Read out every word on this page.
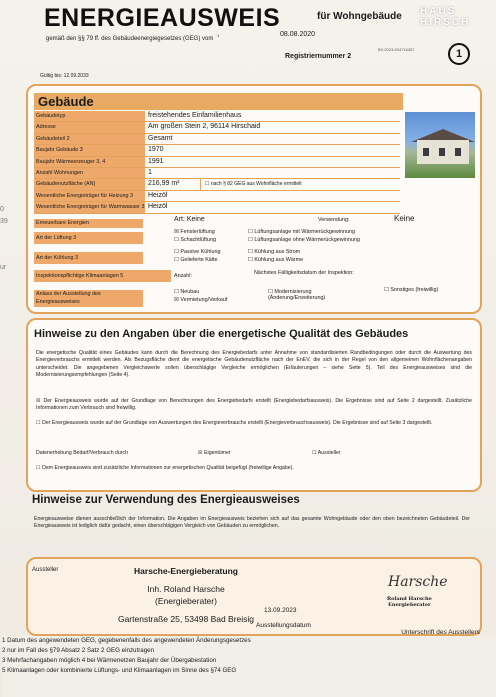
ENERGIEAUSWEIS	für Wohngebäude HAUS HIRSCH
gemäß den §§ 79 ff. des Gebäudeenergiegesetzes (GEG) vom $^1$	08.08.2020
Registriernummer 2
BY-2023-004716357	1
Gültig bis: 12.09.2033
Gebäude
Gebäudetyp	freistehendes Einfamilienhaus
Adresse	Am großen Stein 2, 96114 Hirschaid
Gebäudeteil 2	Gesamt
Baujahr Gebäude 3	1970
Baujahr Wärmeerzeuger 3, 4	1991
Anzahl Wohnungen	1
Gebäudenutzfläche (AN)	216,99 m²	☐ nach § 82 GEG aus Wohnfläche ermittelt
Wesentliche Energieträger für Heizung 3	Heizöl
Wesentliche Energieträger für Warmwasser 3 Heizöl
Erneuerbare Energien	Art: Keine	Verwendung:	Keine
Art der Lüftung 3
☒ Fensterlüftung
☐ Schachtlüftung
☐ Lüftungsanlage mit Wärmerückgewinnung
☐ Lüftungsanlage ohne Wärmerückgewinnung
Art der Kühlung 3
☐ Passive Kühlung
☐ Gelieferte Kälte
☐ Kühlung aus Strom
☐ Kühlung aus Wärme
Inspektionspflichtige Klimaanlagen 5	Anzahl:	Nächstes Fälligkeitsdatum der Inspektion:
Anlass der Ausstellung des Energieausweises
☐ Neubau
☒ Vermietung/Verkauf
☐ Modernisierung (Änderung/Erweiterung)
☐ Sonstiges (freiwillig)
Hinweise zu den Angaben über die energetische Qualität des Gebäudes
Die energetische Qualität eines Gebäudes kann durch die Berechnung des Energiebedarfs unter Annahme von standardisierten Randbedingungen oder durch die Auswertung des Energieverbrauchs ermittelt werden. Als Bezugsfläche dient die energetische Gebäudenutzfläche nach der EnEV, die sich in der Regel von den allgemeinen Wohnflächenangaben unterscheidet. Die angegebenen Vergleichswerte sollen überschlägige Vergleiche ermöglichen (Erläuterungen – siehe Seite 5). Teil des Energieausweises sind die Modernisierungsempfehlungen (Seite 4).
☒ Der Energieausweis wurde auf der Grundlage von Berechnungen des Energiebedarfs erstellt (Energiebedarfsausweis). Die Ergebnisse sind auf Seite 2 dargestellt. Zusätzliche Informationen zum Verbrauch sind freiwillig.
☐ Der Energieausweis wurde auf der Grundlage von Auswertungen des Energieverbrauchs erstellt (Energieverbrauchsausweis). Die Ergebnisse sind auf Seite 3 dargestellt.
Datenerhebung Bedarf/Verbrauch durch	☒ Eigentümer	☐ Aussteller
☐ Dem Energieausweis sind zusätzliche Informationen zur energetischen Qualität beigefügt (freiwillige Angabe).
Hinweise zur Verwendung des Energieausweises
Energieausweise dienen ausschließlich der Information. Die Angaben im Energieausweis beziehen sich auf das gesamte Wohngebäude oder den oben bezeichneten Gebäudeteil. Der Energieausweis ist lediglich dafür gedacht, einen überschlägigen Vergleich von Gebäuden zu ermöglichen.
Aussteller	Harsche-Energieberatung
Inh. Roland Harsche
(Energieberater)
Gartenstraße 25, 53498 Bad Breisig
13.09.2023
Ausstellungsdatum
Unterschrift des Ausstellers
Harsche
Roland Harsche
Energieberater
1 Datum des angewendeten GEG, gegebenenfalls des angewendeten Änderungsgesetzes
2 nur im Fall des §79 Absatz 2 Satz 2 GEG einzutragen
3 Mehrfachangaben möglich 4 bei Wärmenetzen Baujahr der Übergabestation
5 Klimaanlagen oder kombinierte Lüftungs- und Klimaanlagen im Sinne des §74 GEG
0
39
ur
